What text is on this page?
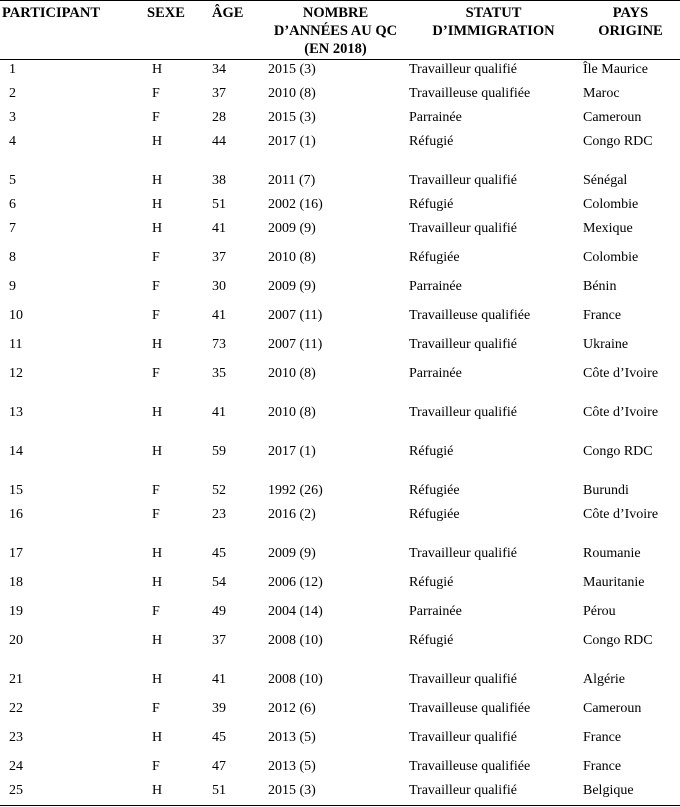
PARTICIPANT	SEXE	ÂGE	NOMBRE D’ANNÉES AU QC (EN 2018)	STATUT D’IMMIGRATION	PAYS ORIGINE
1	H	34	2015 (3)	Travailleur qualifié	Île Maurice
2	F	37	2010 (8)	Travailleuse qualifiée	Maroc
3	F	28	2015 (3)	Parrainée	Cameroun
4	H	44	2017 (1)	Réfugié	Congo RDC
5	H	38	2011 (7)	Travailleur qualifié	Sénégal
6	H	51	2002 (16)	Réfugié	Colombie
7	H	41	2009 (9)	Travailleur qualifié	Mexique
8	F	37	2010 (8)	Réfugiée	Colombie
9	F	30	2009 (9)	Parrainée	Bénin
10	F	41	2007 (11)	Travailleuse qualifiée	France
11	H	73	2007 (11)	Travailleur qualifié	Ukraine
12	F	35	2010 (8)	Parrainée	Côte d’Ivoire
13	H	41	2010 (8)	Travailleur qualifié	Côte d’Ivoire
14	H	59	2017 (1)	Réfugié	Congo RDC
15	F	52	1992 (26)	Réfugiée	Burundi
16	F	23	2016 (2)	Réfugiée	Côte d’Ivoire
17	H	45	2009 (9)	Travailleur qualifié	Roumanie
18	H	54	2006 (12)	Réfugié	Mauritanie
19	F	49	2004 (14)	Parrainée	Pérou
20	H	37	2008 (10)	Réfugié	Congo RDC
21	H	41	2008 (10)	Travailleur qualifié	Algérie
22	F	39	2012 (6)	Travailleuse qualifiée	Cameroun
23	H	45	2013 (5)	Travailleur qualifié	France
24	F	47	2013 (5)	Travailleuse qualifiée	France
25	H	51	2015 (3)	Travailleur qualifié	Belgique
